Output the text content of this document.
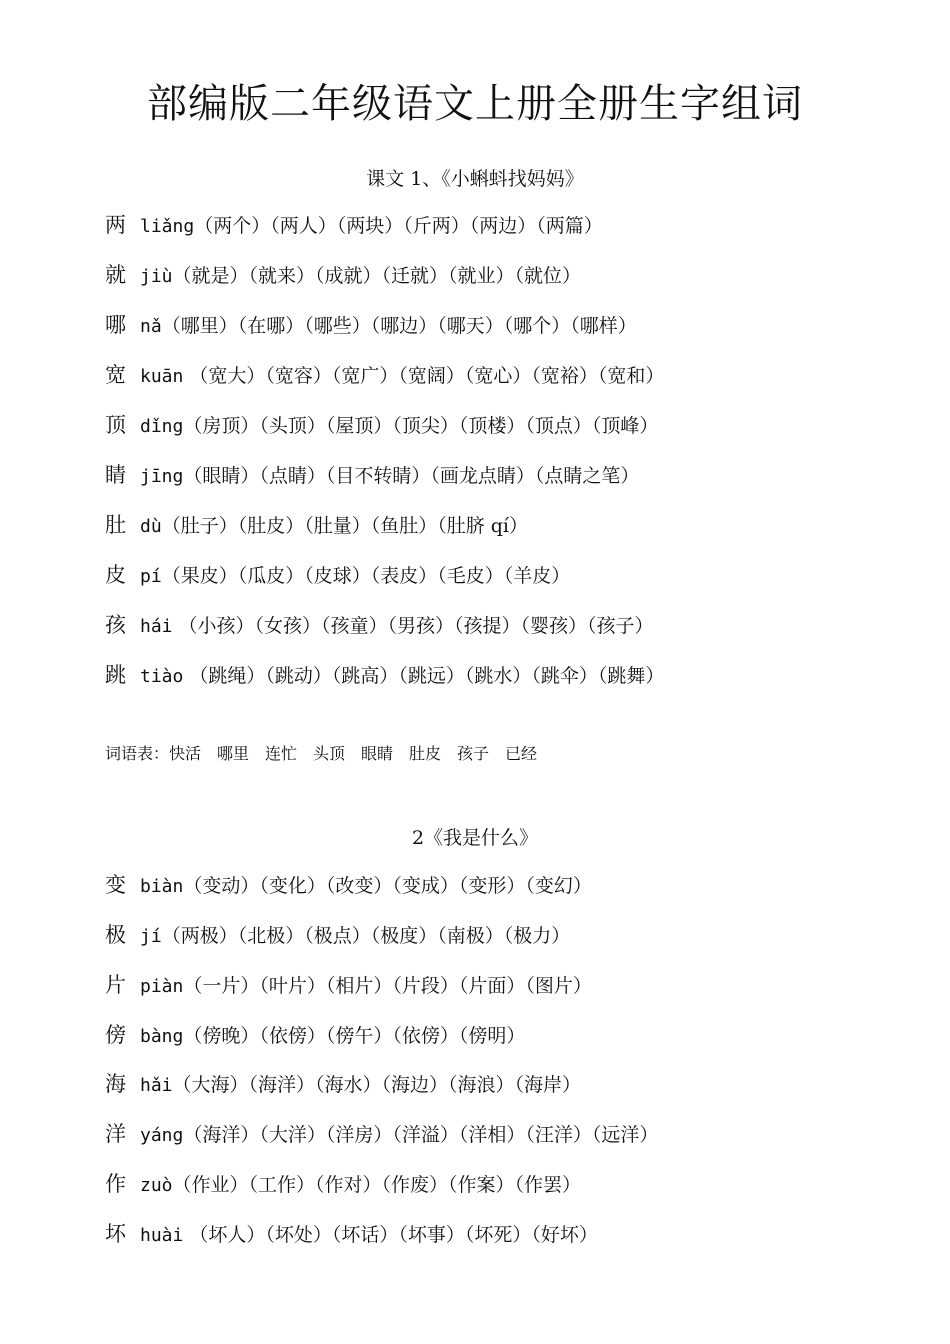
部编版二年级语文上册全册生字组词
课文 1、《小蝌蚪找妈妈》
两 liǎng（两个）（两人）（两块）（斤两）（两边）（两篇）
就 jiù（就是）（就来）（成就）（迁就）（就业）（就位）
哪 nǎ（哪里）（在哪）（哪些）（哪边）（哪天）（哪个）（哪样）
宽 kuān （宽大）（宽容）（宽广）（宽阔）（宽心）（宽裕）（宽和）
顶 dǐng（房顶）（头顶）（屋顶）（顶尖）（顶楼）（顶点）（顶峰）
睛 jīng（眼睛）（点睛）（目不转睛）（画龙点睛）（点睛之笔）
肚 dù（肚子）（肚皮）（肚量）（鱼肚）（肚脐 qí）
皮 pí（果皮）（瓜皮）（皮球）（表皮）（毛皮）（羊皮）
孩 hái （小孩）（女孩）（孩童）（男孩）（孩提）（婴孩）（孩子）
跳 tiào （跳绳）（跳动）（跳高）（跳远）（跳水）（跳伞）（跳舞）
词语表：快活　哪里　连忙　头顶　眼睛　肚皮　孩子　已经
2《我是什么》
变 biàn（变动）（变化）（改变）（变成）（变形）（变幻）
极 jí（两极）（北极）（极点）（极度）（南极）（极力）
片 piàn（一片）（叶片）（相片）（片段）（片面）（图片）
傍 bàng（傍晚）（依傍）（傍午）（依傍）（傍明）
海 hǎi（大海）（海洋）（海水）（海边）（海浪）（海岸）
洋 yáng（海洋）（大洋）（洋房）（洋溢）（洋相）（汪洋）（远洋）
作 zuò（作业）（工作）（作对）（作废）（作案）（作罢）
坏 huài （坏人）（坏处）（坏话）（坏事）（坏死）（好坏）
